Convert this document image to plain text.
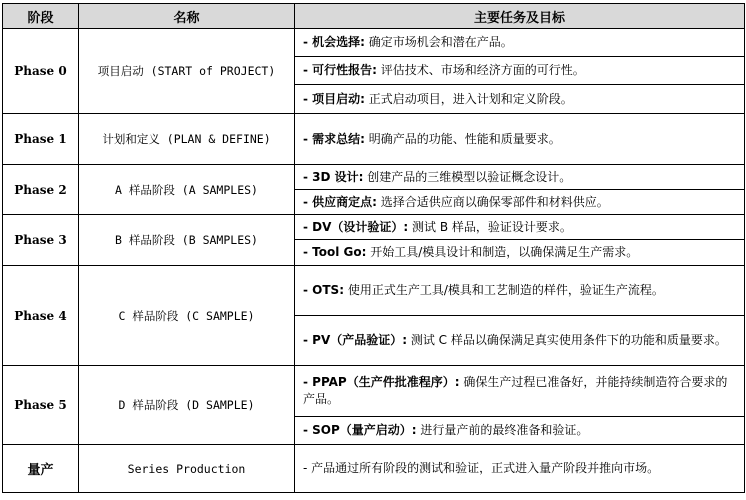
阶段	名称	主要任务及目标
Phase 0	项目启动 (START of PROJECT)	- 机会选择: 确定市场机会和潜在产品。
		- 可行性报告: 评估技术、市场和经济方面的可行性。
		- 项目启动: 正式启动项目，进入计划和定义阶段。
Phase 1	计划和定义 (PLAN & DEFINE)	- 需求总结: 明确产品的功能、性能和质量要求。
Phase 2	A 样品阶段 (A SAMPLES)	- 3D 设计: 创建产品的三维模型以验证概念设计。
		- 供应商定点: 选择合适供应商以确保零部件和材料供应。
Phase 3	B 样品阶段 (B SAMPLES)	- DV（设计验证）: 测试 B 样品，验证设计要求。
		- Tool Go: 开始工具/模具设计和制造，以确保满足生产需求。
Phase 4	C 样品阶段 (C SAMPLE)	- OTS: 使用正式生产工具/模具和工艺制造的样件，验证生产流程。
		- PV（产品验证）: 测试 C 样品以确保满足真实使用条件下的功能和质量要求。
Phase 5	D 样品阶段 (D SAMPLE)	- PPAP（生产件批准程序）: 确保生产过程已准备好，并能持续制造符合要求的产品。
		- SOP（量产启动）: 进行量产前的最终准备和验证。
量产	Series Production	- 产品通过所有阶段的测试和验证，正式进入量产阶段并推向市场。
